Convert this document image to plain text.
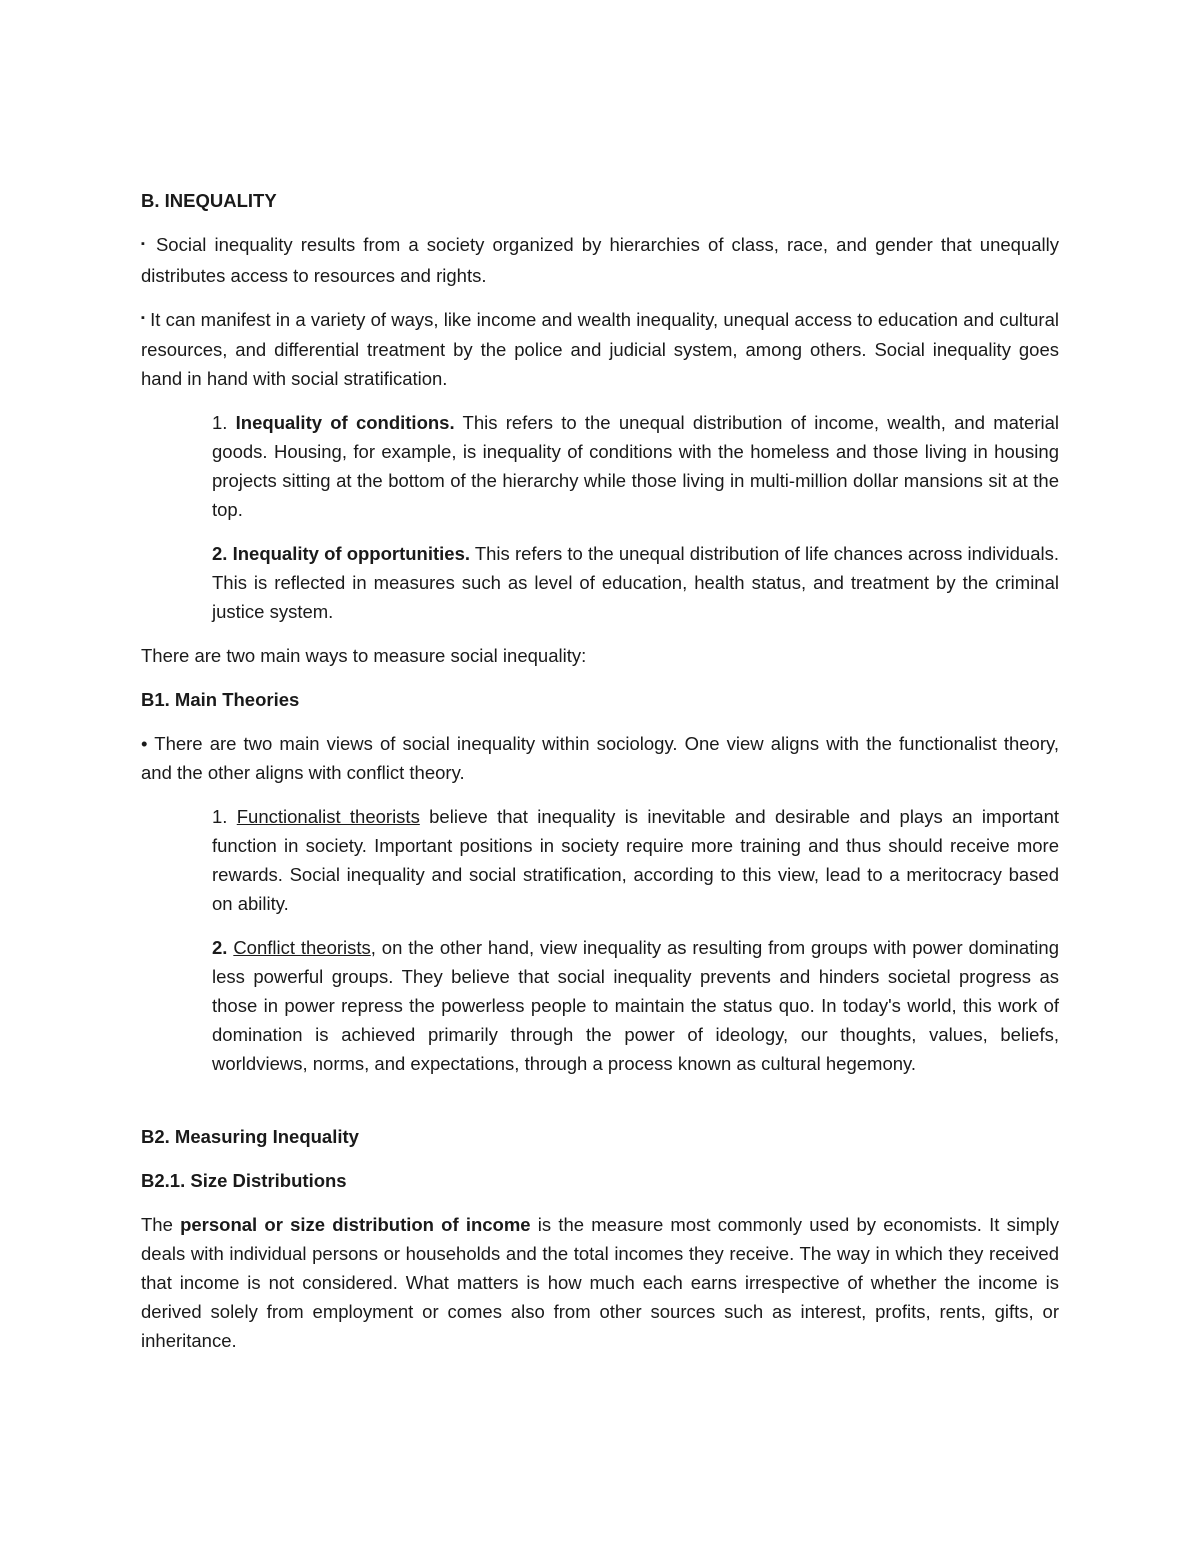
B. INEQUALITY

▪ Social inequality results from a society organized by hierarchies of class, race, and gender that unequally distributes access to resources and rights.

▪ It can manifest in a variety of ways, like income and wealth inequality, unequal access to education and cultural resources, and differential treatment by the police and judicial system, among others. Social inequality goes hand in hand with social stratification.

1. Inequality of conditions. This refers to the unequal distribution of income, wealth, and material goods. Housing, for example, is inequality of conditions with the homeless and those living in housing projects sitting at the bottom of the hierarchy while those living in multi-million dollar mansions sit at the top.

2. Inequality of opportunities. This refers to the unequal distribution of life chances across individuals. This is reflected in measures such as level of education, health status, and treatment by the criminal justice system.

There are two main ways to measure social inequality:

B1. Main Theories

• There are two main views of social inequality within sociology. One view aligns with the functionalist theory, and the other aligns with conflict theory.

1. Functionalist theorists believe that inequality is inevitable and desirable and plays an important function in society. Important positions in society require more training and thus should receive more rewards. Social inequality and social stratification, according to this view, lead to a meritocracy based on ability.

2. Conflict theorists, on the other hand, view inequality as resulting from groups with power dominating less powerful groups. They believe that social inequality prevents and hinders societal progress as those in power repress the powerless people to maintain the status quo. In today's world, this work of domination is achieved primarily through the power of ideology, our thoughts, values, beliefs, worldviews, norms, and expectations, through a process known as cultural hegemony.

B2. Measuring Inequality
B2.1. Size Distributions

The personal or size distribution of income is the measure most commonly used by economists. It simply deals with individual persons or households and the total incomes they receive. The way in which they received that income is not considered. What matters is how much each earns irrespective of whether the income is derived solely from employment or comes also from other sources such as interest, profits, rents, gifts, or inheritance.
